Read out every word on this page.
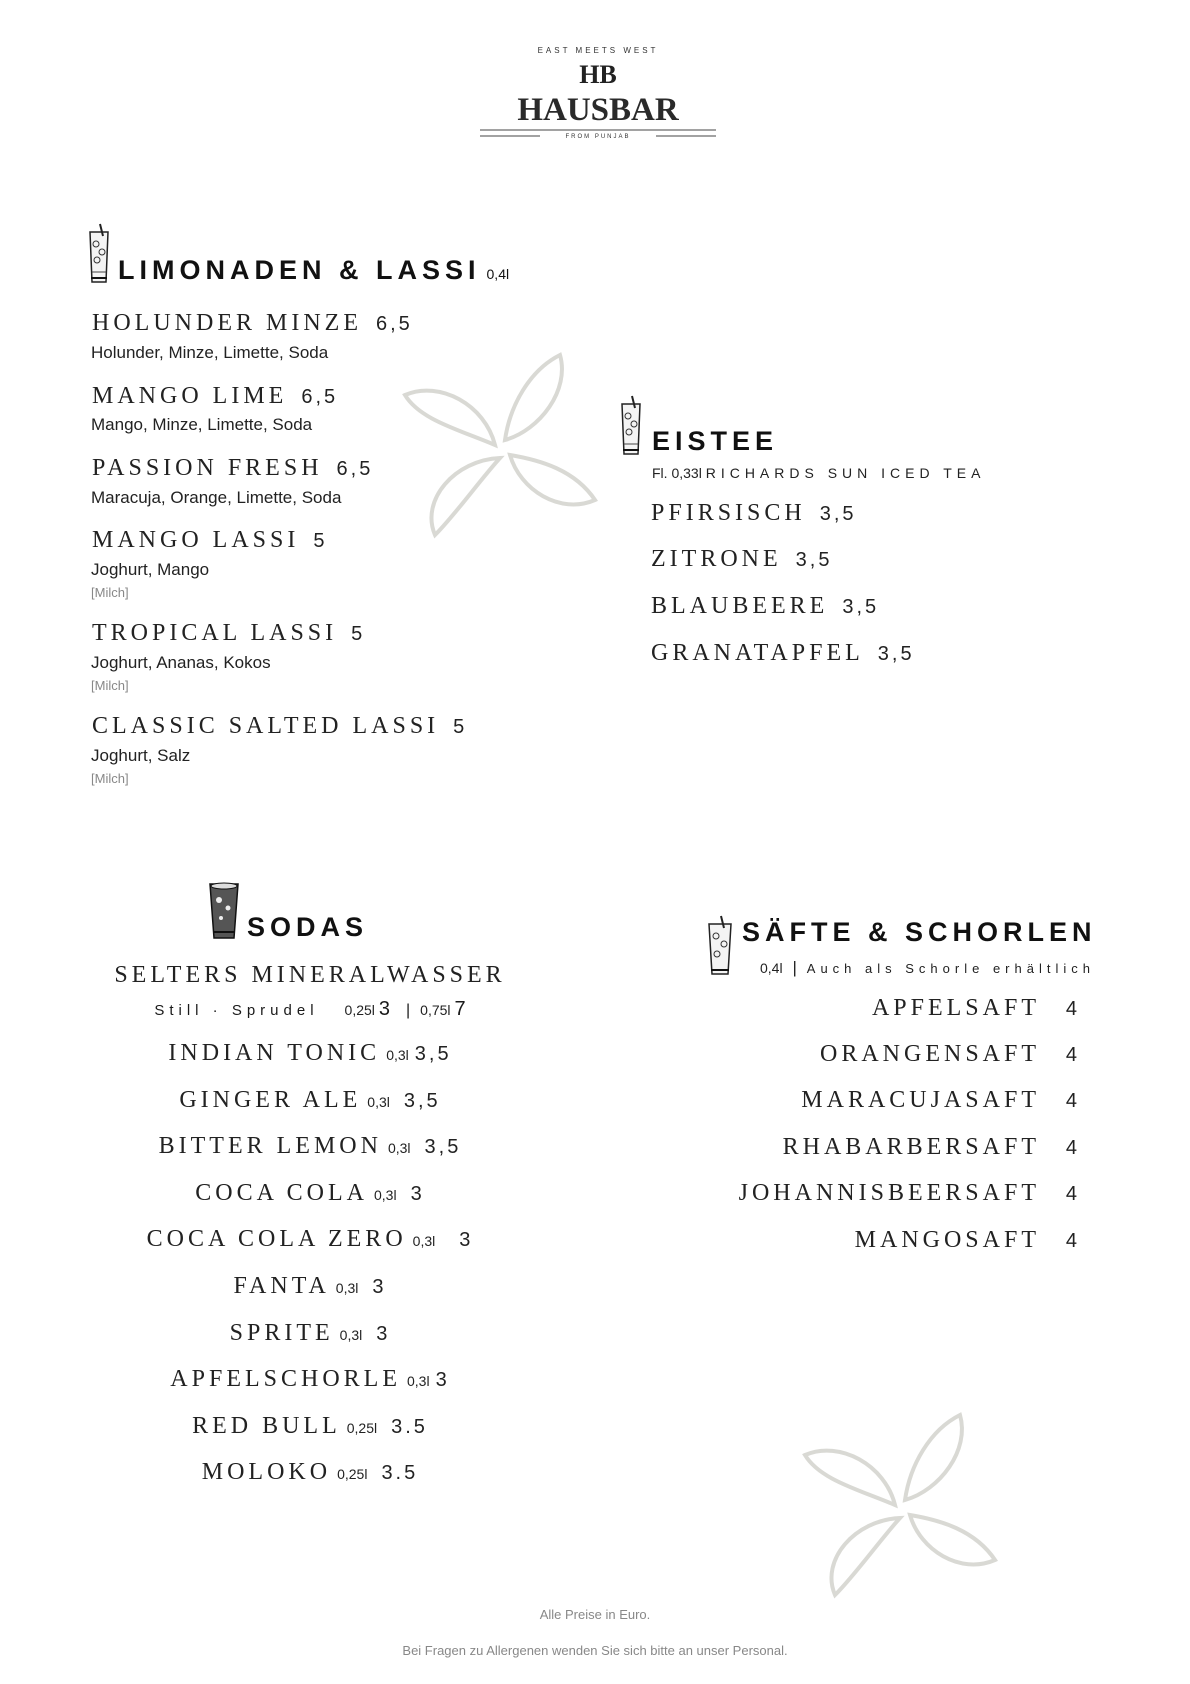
EAST MEETS WEST
HB
HAUSBAR
FROM PUNJAB
LIMONADEN & LASSI 0,4l
HOLUNDER MINZE 6,5
Holunder, Minze, Limette, Soda
MANGO LIME 6,5
Mango, Minze, Limette, Soda
PASSION FRESH 6,5
Maracuja, Orange, Limette, Soda
MANGO LASSI 5
Joghurt, Mango
[Milch]
TROPICAL LASSI 5
Joghurt, Ananas, Kokos
[Milch]
CLASSIC SALTED LASSI 5
Joghurt, Salz
[Milch]
EISTEE
Fl. 0,33l RICHARDS SUN ICED TEA
PFIRSISCH 3,5
ZITRONE 3,5
BLAUBEERE 3,5
GRANATAPFEL 3,5
SODAS
SELTERS MINERALWASSER
Still · Sprudel 0,25l 3 | 0,75l 7
INDIAN TONIC 0,3l 3,5
GINGER ALE 0,3l 3,5
BITTER LEMON 0,3l 3,5
COCA COLA 0,3l 3
COCA COLA ZERO 0,3l 3
FANTA 0,3l 3
SPRITE 0,3l 3
APFELSCHORLE 0,3l 3
RED BULL 0,25l 3.5
MOLOKO 0,25l 3.5
SÄFTE & SCHORLEN
0,4l | Auch als Schorle erhältlich
APFELSAFT 4
ORANGENSAFT 4
MARACUJASAFT 4
RHABARBERSAFT 4
JOHANNISBEERSAFT 4
MANGOSAFT 4
Alle Preise in Euro.
Bei Fragen zu Allergenen wenden Sie sich bitte an unser Personal.
